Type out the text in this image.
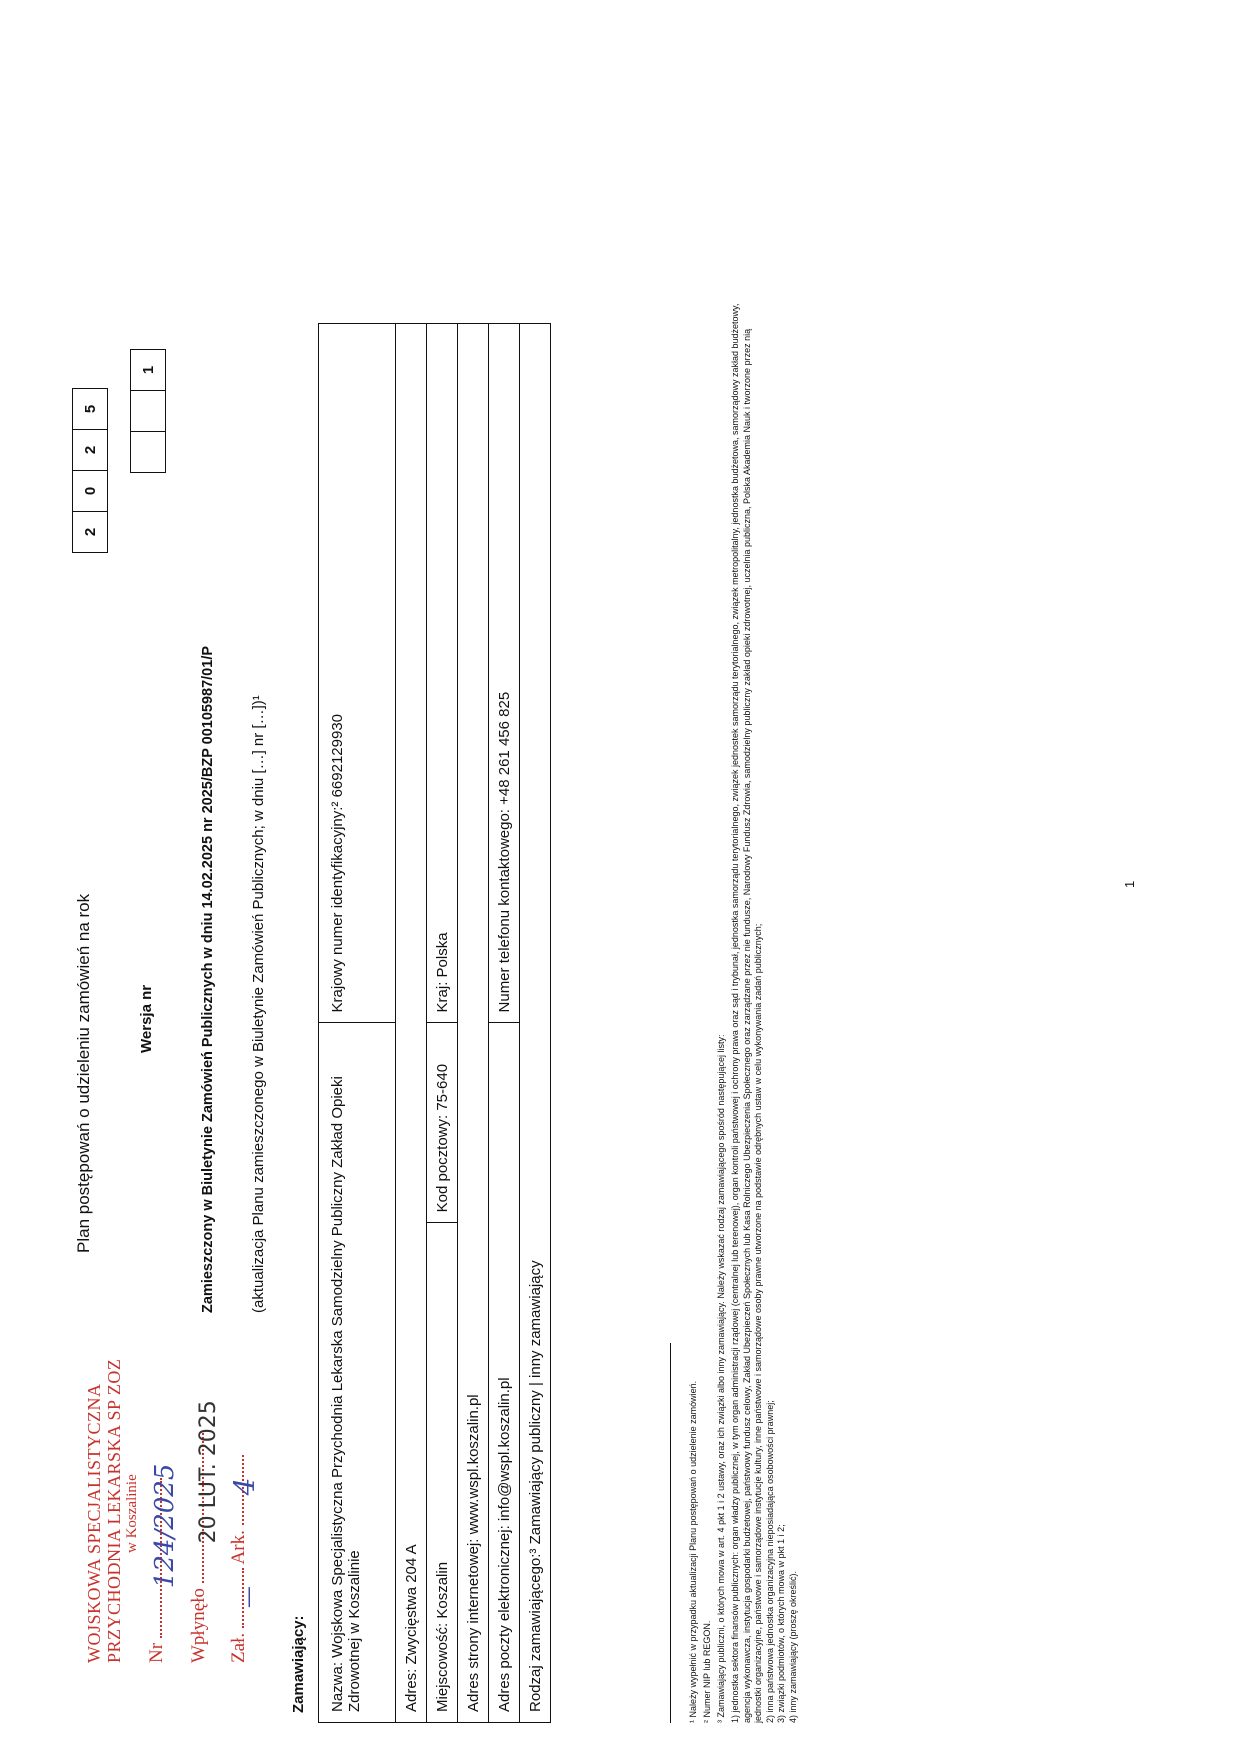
WOJSKOWA SPECJALISTYCZNA PRZYCHODNIA LEKARSKA SP ZOZ w Koszalinie
Nr
124/2025
Wpłynęło
20 LUT. 2025
Zał.
—
Ark.
4
Plan postępowań o udzieleniu zamówień na rok
2
0
2
5
Wersja nr
1
Zamieszczony w Biuletynie Zamówień Publicznych w dniu 14.02.2025 nr 2025/BZP 00105987/01/P (aktualizacja Planu zamieszczonego w Biuletynie Zamówień Publicznych; w dniu […] nr […])¹
Zamawiający: Nazwa: Wojskowa Specjalistyczna Przychodnia Lekarska Samodzielny Publiczny Zakład Opieki Zdrowotnej w Koszalinie		Krajowy numer identyfikacyjny:² 6692129930
Adres: Zwycięstwa 204 A		
Miejscowość: Koszalin	Kod pocztowy: 75-640	Kraj: Polska
Adres strony internetowej: www.wspl.koszalin.pl		
Adres poczty elektronicznej: info@wspl.koszalin.pl		Numer telefonu kontaktowego: +48 261 456 825
Rodzaj zamawiającego:³ Zamawiający publiczny | inny zamawiający			¹ Należy wypełnić w przypadku aktualizacji Planu postępowań o udzielenie zamówień. ² Numer NIP lub REGON. ³ Zamawiający publiczni, o których mowa w art. 4 pkt 1 i 2 ustawy, oraz ich związki albo inny zamawiający. Należy wskazać rodzaj zamawiającego spośród następującej listy: 1) jednostka sektora finansów publicznych: organ władzy publicznej, w tym organ administracji rządowej (centralnej lub terenowej), organ kontroli państwowej i ochrony prawa oraz sąd i trybunał, jednostka samorządu terytorialnego, związek jednostek samorządu terytorialnego, związek metropolitalny, jednostka budżetowa, samorządowy zakład budżetowy, agencja wykonawcza, instytucja gospodarki budżetowej, państwowy fundusz celowy, Zakład Ubezpieczeń Społecznych lub Kasa Rolniczego Ubezpieczenia Społecznego oraz zarządzane przez nie fundusze, Narodowy Fundusz Zdrowia, samodzielny publiczny zakład opieki zdrowotnej, uczelnia publiczna, Polska Akademia Nauk i tworzone przez nią jednostki organizacyjne, państwowe i samorządowe instytucje kultury, inne państwowe i samorządowe osoby prawne utworzone na podstawie odrębnych ustaw w celu wykonywania zadań publicznych; 2) inna państwowa jednostka organizacyjna nieposiadająca osobowości prawnej; 3) związki podmiotów, o których mowa w pkt 1 i 2; 4) inny zamawiający (proszę określić).
1
